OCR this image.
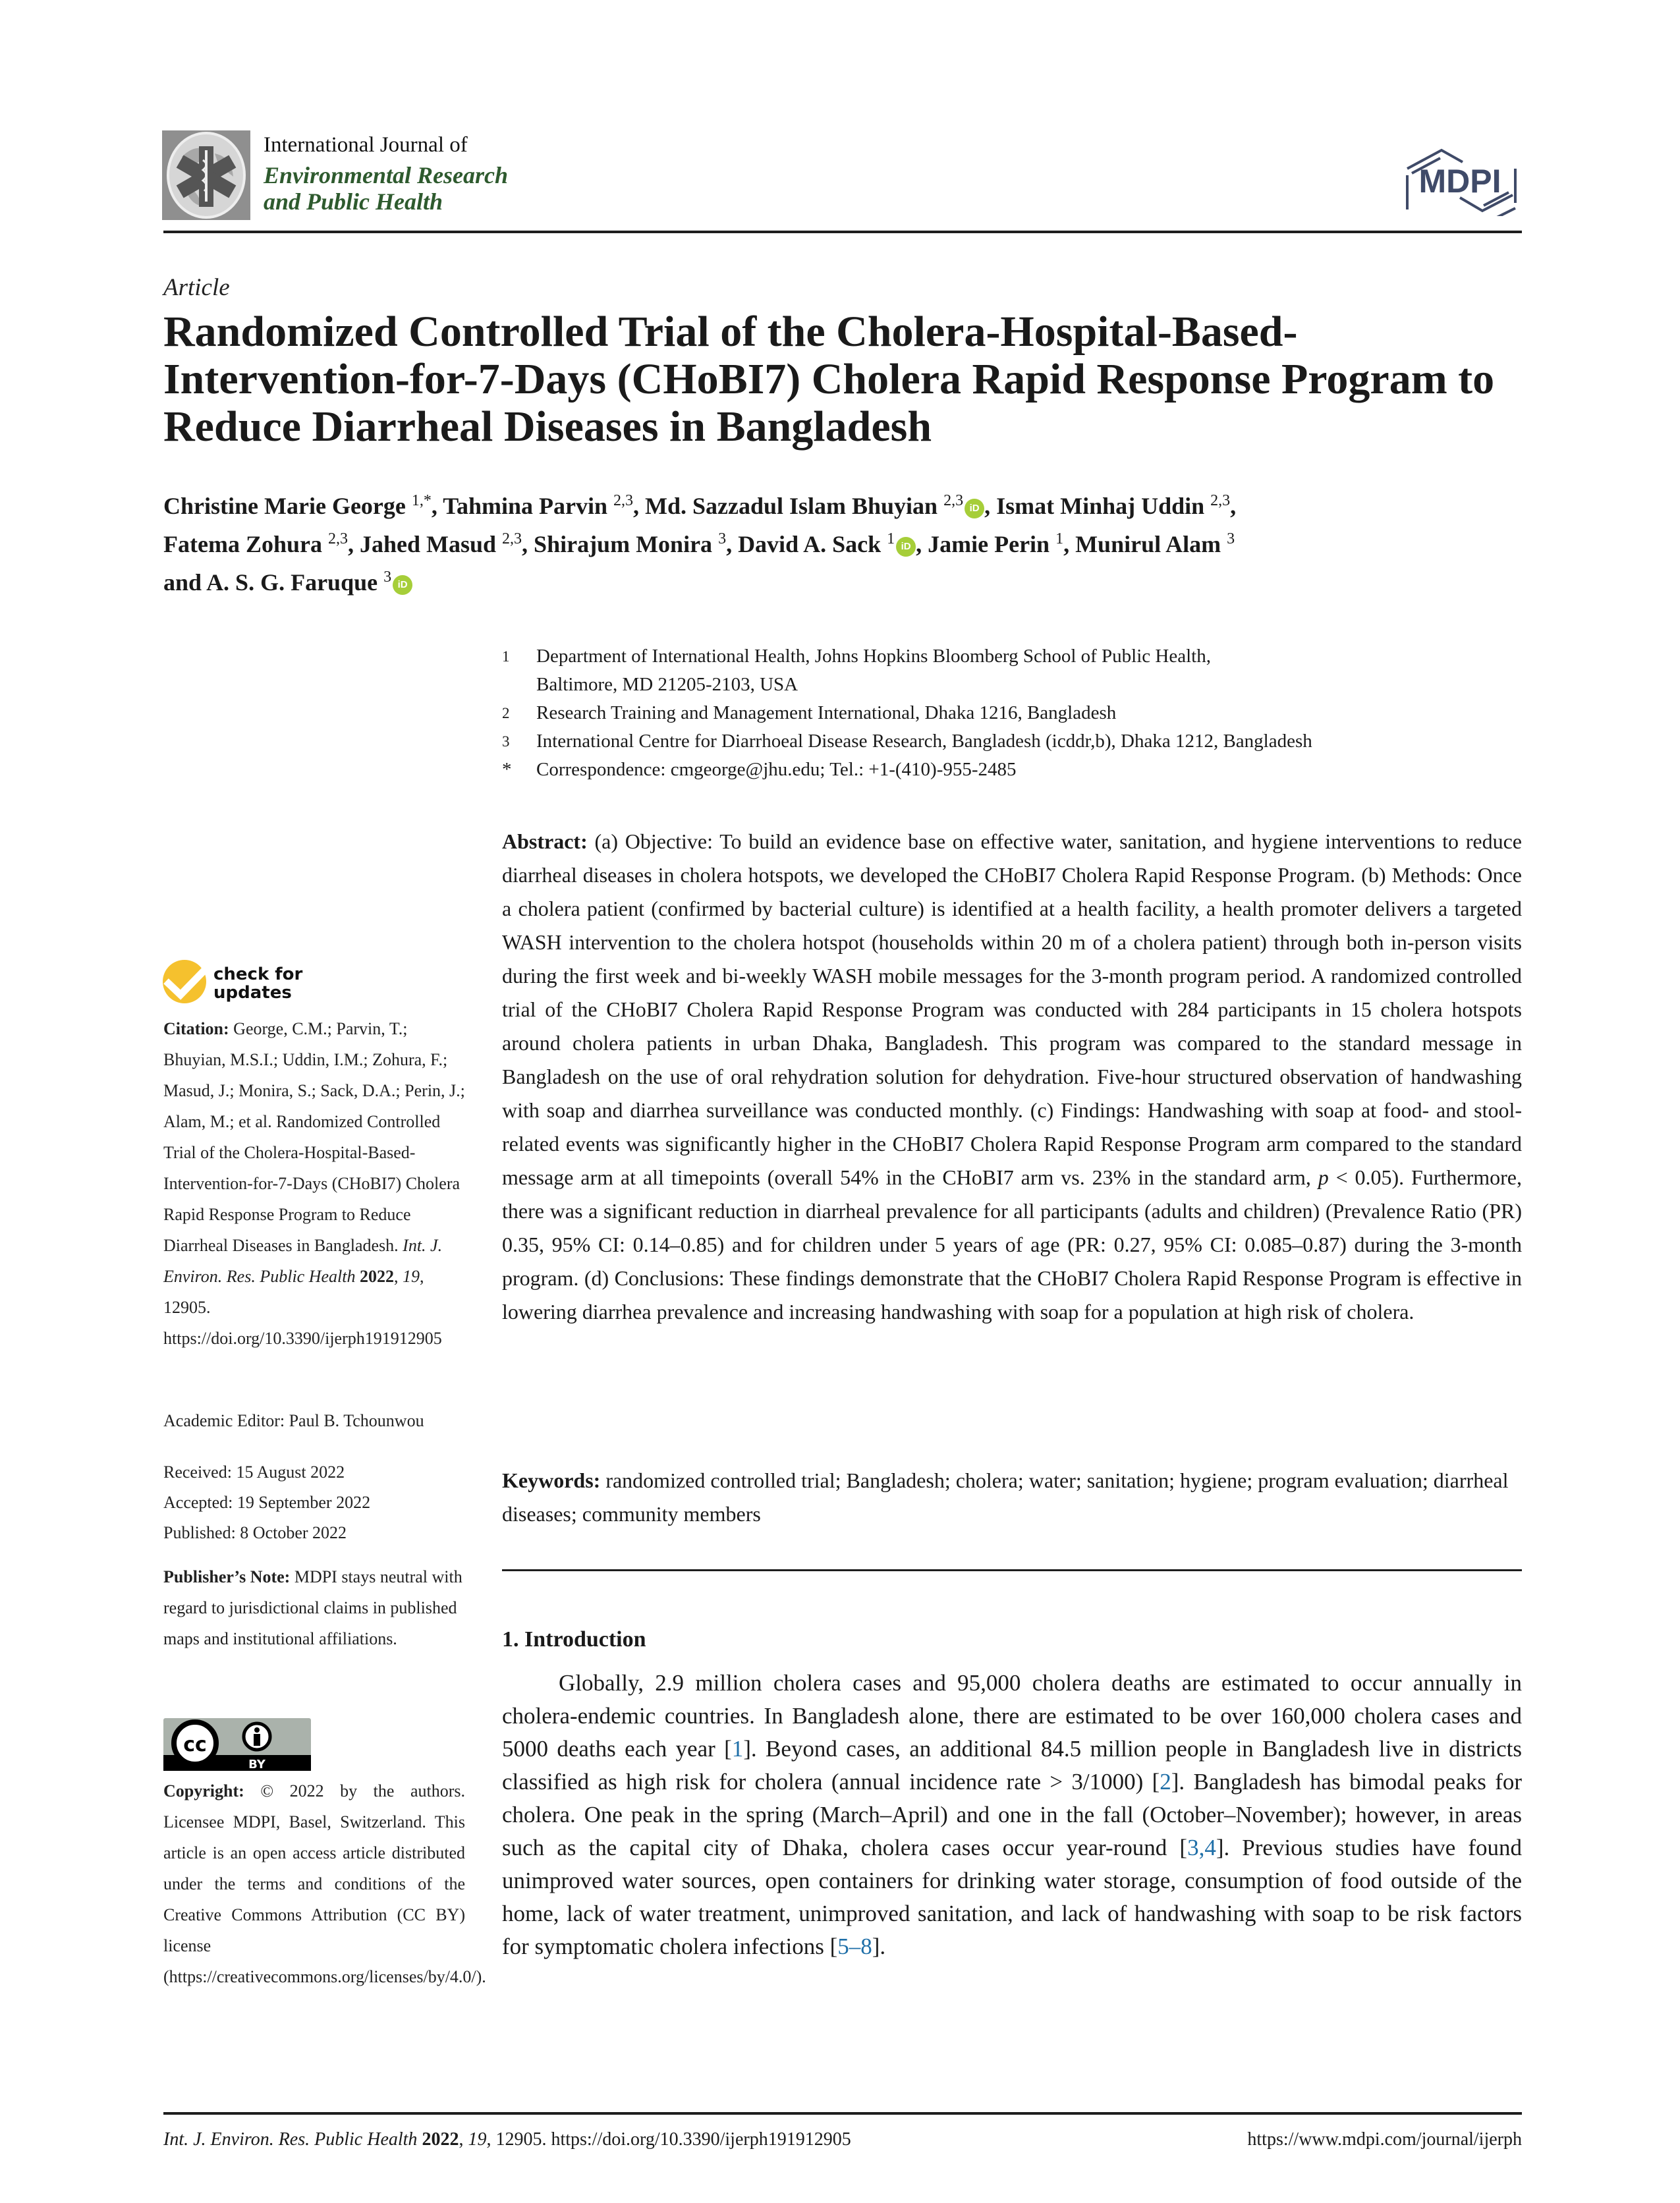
International Journal of
Environmental Research
and Public Health
MDPI
Article
Randomized Controlled Trial of the Cholera-Hospital-Based-Intervention-for-7-Days (CHoBI7) Cholera Rapid Response Program to Reduce Diarrheal Diseases in Bangladesh
Christine Marie George $^{1,*}$, Tahmina Parvin $^{2,3}$, Md. Sazzadul Islam Bhuyian $^{2,3}$ iD , Ismat Minhaj Uddin $^{2,3}$,
Fatema Zohura $^{2,3}$, Jahed Masud $^{2,3}$, Shirajum Monira $^3$, David A. Sack $^1$ iD , Jamie Perin $^1$, Munirul Alam $^3$
and A. S. G. Faruque $^3$ iD
1	Department of International Health, Johns Hopkins Bloomberg School of Public Health,
Baltimore, MD 21205-2103, USA
2	Research Training and Management International, Dhaka 1216, Bangladesh
3	International Centre for Diarrhoeal Disease Research, Bangladesh (icddr,b), Dhaka 1212, Bangladesh
*	Correspondence: cmgeorge@jhu.edu; Tel.: +1-(410)-955-2485
Abstract: (a) Objective: To build an evidence base on effective water, sanitation, and hygiene interventions to reduce diarrheal diseases in cholera hotspots, we developed the CHoBI7 Cholera Rapid Response Program. (b) Methods: Once a cholera patient (confirmed by bacterial culture) is identified at a health facility, a health promoter delivers a targeted WASH intervention to the cholera hotspot (households within 20 m of a cholera patient) through both in-person visits during the first week and bi-weekly WASH mobile messages for the 3-month program period. A randomized controlled trial of the CHoBI7 Cholera Rapid Response Program was conducted with 284 participants in 15 cholera hotspots around cholera patients in urban Dhaka, Bangladesh. This program was compared to the standard message in Bangladesh on the use of oral rehydration solution for dehydration. Five-hour structured observation of handwashing with soap and diarrhea surveillance was conducted monthly. (c) Findings: Handwashing with soap at food- and stool-related events was significantly higher in the CHoBI7 Cholera Rapid Response Program arm compared to the standard message arm at all timepoints (overall 54% in the CHoBI7 arm vs. 23% in the standard arm, p < 0.05). Furthermore, there was a significant reduction in diarrheal prevalence for all participants (adults and children) (Prevalence Ratio (PR) 0.35, 95% CI: 0.14–0.85) and for children under 5 years of age (PR: 0.27, 95% CI: 0.085–0.87) during the 3-month program. (d) Conclusions: These findings demonstrate that the CHoBI7 Cholera Rapid Response Program is effective in lowering diarrhea prevalence and increasing handwashing with soap for a population at high risk of cholera.
Keywords: randomized controlled trial; Bangladesh; cholera; water; sanitation; hygiene; program evaluation; diarrheal diseases; community members
1. Introduction
Globally, 2.9 million cholera cases and 95,000 cholera deaths are estimated to occur annually in cholera-endemic countries. In Bangladesh alone, there are estimated to be over 160,000 cholera cases and 5000 deaths each year [1]. Beyond cases, an additional 84.5 million people in Bangladesh live in districts classified as high risk for cholera (annual incidence rate > 3/1000) [2]. Bangladesh has bimodal peaks for cholera. One peak in the spring (March–April) and one in the fall (October–November); however, in areas such as the capital city of Dhaka, cholera cases occur year-round [3,4]. Previous studies have found unimproved water sources, open containers for drinking water storage, consumption of food outside of the home, lack of water treatment, unimproved sanitation, and lack of handwashing with soap to be risk factors for symptomatic cholera infections [5–8].
check for
updates
Citation: George, C.M.; Parvin, T.; Bhuyian, M.S.I.; Uddin, I.M.; Zohura, F.; Masud, J.; Monira, S.; Sack, D.A.; Perin, J.; Alam, M.; et al. Randomized Controlled Trial of the Cholera-Hospital-Based-Intervention-for-7-Days (CHoBI7) Cholera Rapid Response Program to Reduce Diarrheal Diseases in Bangladesh. Int. J. Environ. Res. Public Health 2022, 19, 12905. https://doi.org/10.3390/ijerph191912905
Academic Editor: Paul B. Tchounwou
Received: 15 August 2022
Accepted: 19 September 2022
Published: 8 October 2022
Publisher’s Note: MDPI stays neutral with regard to jurisdictional claims in published maps and institutional affiliations.
cc
BY
Copyright: © 2022 by the authors. Licensee MDPI, Basel, Switzerland. This article is an open access article distributed under the terms and conditions of the Creative Commons Attribution (CC BY) license (https://creativecommons.org/licenses/by/4.0/).
Int. J. Environ. Res. Public Health 2022, 19, 12905. https://doi.org/10.3390/ijerph191912905	https://www.mdpi.com/journal/ijerph
